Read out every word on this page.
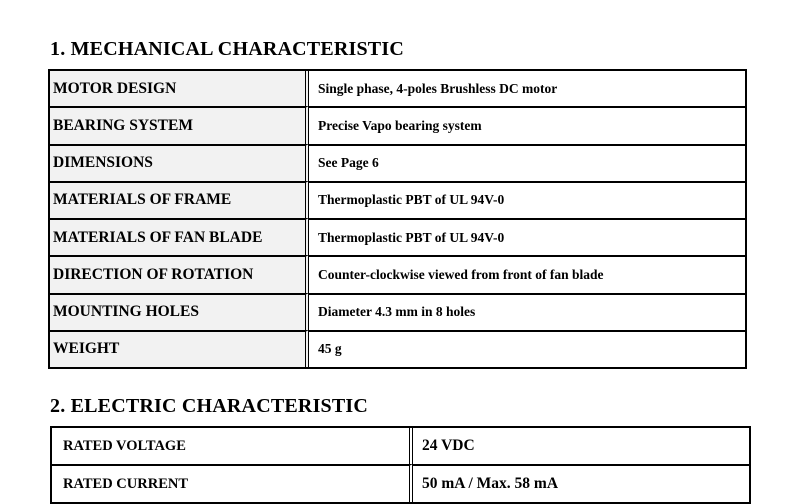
1. MECHANICAL CHARACTERISTIC
MOTOR DESIGN	Single phase, 4-poles Brushless DC motor
BEARING SYSTEM	Precise Vapo bearing system
DIMENSIONS	See Page 6
MATERIALS OF FRAME	Thermoplastic PBT of UL 94V-0
MATERIALS OF FAN BLADE	Thermoplastic PBT of UL 94V-0
DIRECTION OF ROTATION	Counter-clockwise viewed from front of fan blade
MOUNTING HOLES	Diameter 4.3 mm in 8 holes
WEIGHT	45 g
2. ELECTRIC CHARACTERISTIC
RATED VOLTAGE	24 VDC
RATED CURRENT	50 mA / Max. 58 mA
